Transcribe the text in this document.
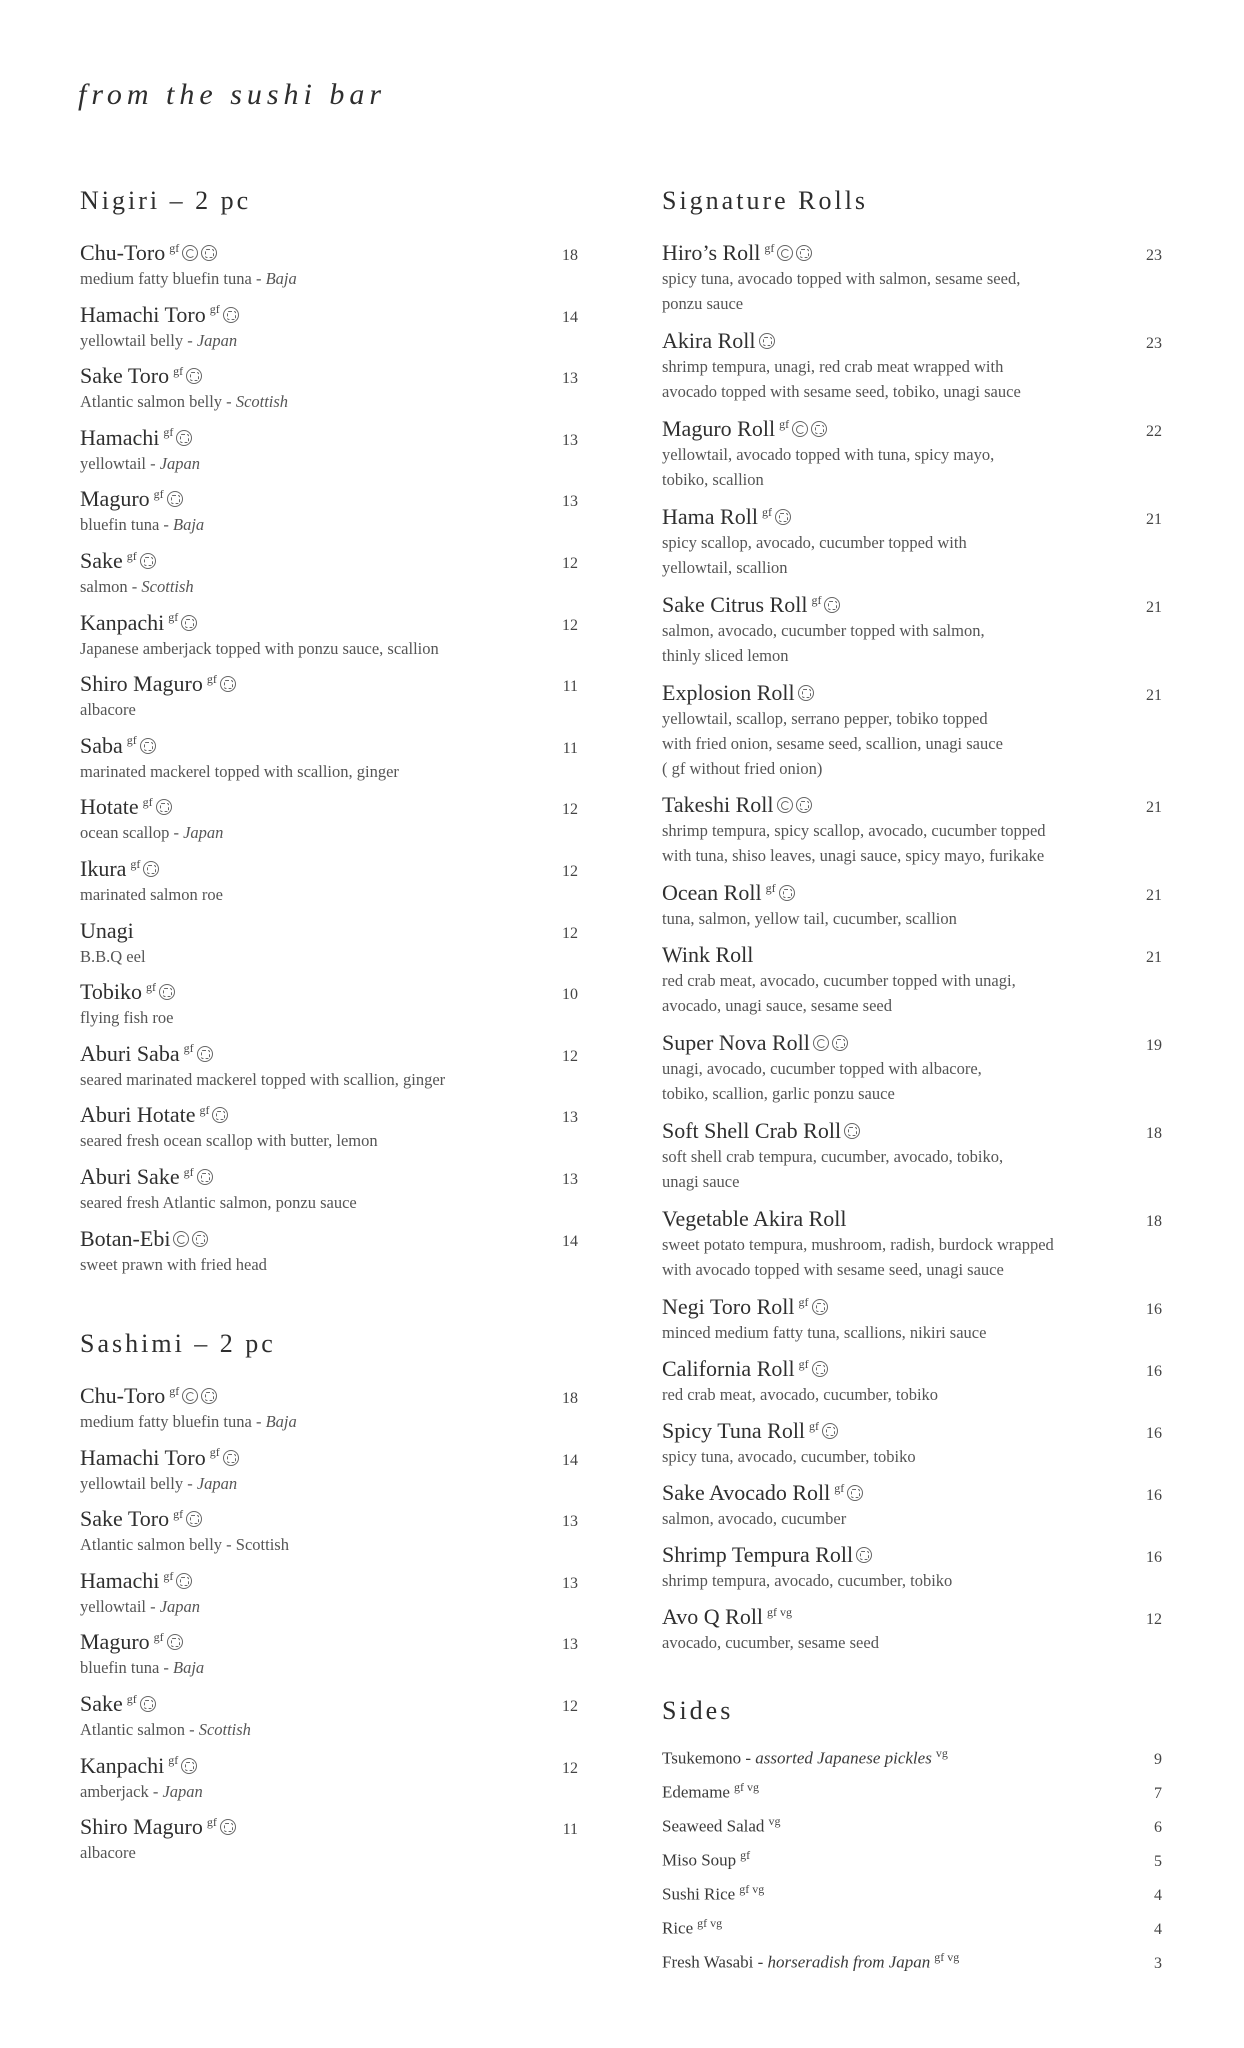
from the sushi bar
Nigiri – 2 pc
Chu-Toro $^{gf}$	18
medium fatty bluefin tuna - Baja
Hamachi Toro $^{gf}$	14
yellowtail belly - Japan
Sake Toro $^{gf}$	13
Atlantic salmon belly - Scottish
Hamachi $^{gf}$	13
yellowtail - Japan
Maguro $^{gf}$	13
bluefin tuna - Baja
Sake $^{gf}$	12
salmon - Scottish
Kanpachi $^{gf}$	12
Japanese amberjack topped with ponzu sauce, scallion
Shiro Maguro $^{gf}$	11
albacore
Saba $^{gf}$	11
marinated mackerel topped with scallion, ginger
Hotate $^{gf}$	12
ocean scallop - Japan
Ikura $^{gf}$	12
marinated salmon roe
Unagi	12
B.B.Q eel
Tobiko $^{gf}$	10
flying fish roe
Aburi Saba $^{gf}$	12
seared marinated mackerel topped with scallion, ginger
Aburi Hotate $^{gf}$	13
seared fresh ocean scallop with butter, lemon
Aburi Sake $^{gf}$	13
seared fresh Atlantic salmon, ponzu sauce
Botan-Ebi	14
sweet prawn with fried head
Sashimi – 2 pc
Chu-Toro $^{gf}$	18
medium fatty bluefin tuna - Baja
Hamachi Toro $^{gf}$	14
yellowtail belly - Japan
Sake Toro $^{gf}$	13
Atlantic salmon belly - Scottish
Hamachi $^{gf}$	13
yellowtail - Japan
Maguro $^{gf}$	13
bluefin tuna - Baja
Sake $^{gf}$	12
Atlantic salmon - Scottish
Kanpachi $^{gf}$	12
amberjack - Japan
Shiro Maguro $^{gf}$	11
albacore
Signature Rolls
Hiro’s Roll $^{gf}$	23
spicy tuna, avocado topped with salmon, sesame seed,
ponzu sauce
Akira Roll	23
shrimp tempura, unagi, red crab meat wrapped with
avocado topped with sesame seed, tobiko, unagi sauce
Maguro Roll $^{gf}$	22
yellowtail, avocado topped with tuna, spicy mayo,
tobiko, scallion
Hama Roll $^{gf}$	21
spicy scallop, avocado, cucumber topped with
yellowtail, scallion
Sake Citrus Roll $^{gf}$	21
salmon, avocado, cucumber topped with salmon,
thinly sliced lemon
Explosion Roll	21
yellowtail, scallop, serrano pepper, tobiko topped
with fried onion, sesame seed, scallion, unagi sauce
( gf without fried onion)
Takeshi Roll	21
shrimp tempura, spicy scallop, avocado, cucumber topped
with tuna, shiso leaves, unagi sauce, spicy mayo, furikake
Ocean Roll $^{gf}$	21
tuna, salmon, yellow tail, cucumber, scallion
Wink Roll	21
red crab meat, avocado, cucumber topped with unagi,
avocado, unagi sauce, sesame seed
Super Nova Roll	19
unagi, avocado, cucumber topped with albacore,
tobiko, scallion, garlic ponzu sauce
Soft Shell Crab Roll	18
soft shell crab tempura, cucumber, avocado, tobiko,
unagi sauce
Vegetable Akira Roll	18
sweet potato tempura, mushroom, radish, burdock wrapped
with avocado topped with sesame seed, unagi sauce
Negi Toro Roll $^{gf}$	16
minced medium fatty tuna, scallions, nikiri sauce
California Roll $^{gf}$	16
red crab meat, avocado, cucumber, tobiko
Spicy Tuna Roll $^{gf}$	16
spicy tuna, avocado, cucumber, tobiko
Sake Avocado Roll $^{gf}$	16
salmon, avocado, cucumber
Shrimp Tempura Roll	16
shrimp tempura, avocado, cucumber, tobiko
Avo Q Roll $^{gf vg}$	12
avocado, cucumber, sesame seed
Sides
Tsukemono - assorted Japanese pickles $^{vg}$	9
Edemame $^{gf vg}$	7
Seaweed Salad $^{vg}$	6
Miso Soup $^{gf}$	5
Sushi Rice $^{gf vg}$	4
Rice $^{gf vg}$	4
Fresh Wasabi - horseradish from Japan $^{gf vg}$	3
